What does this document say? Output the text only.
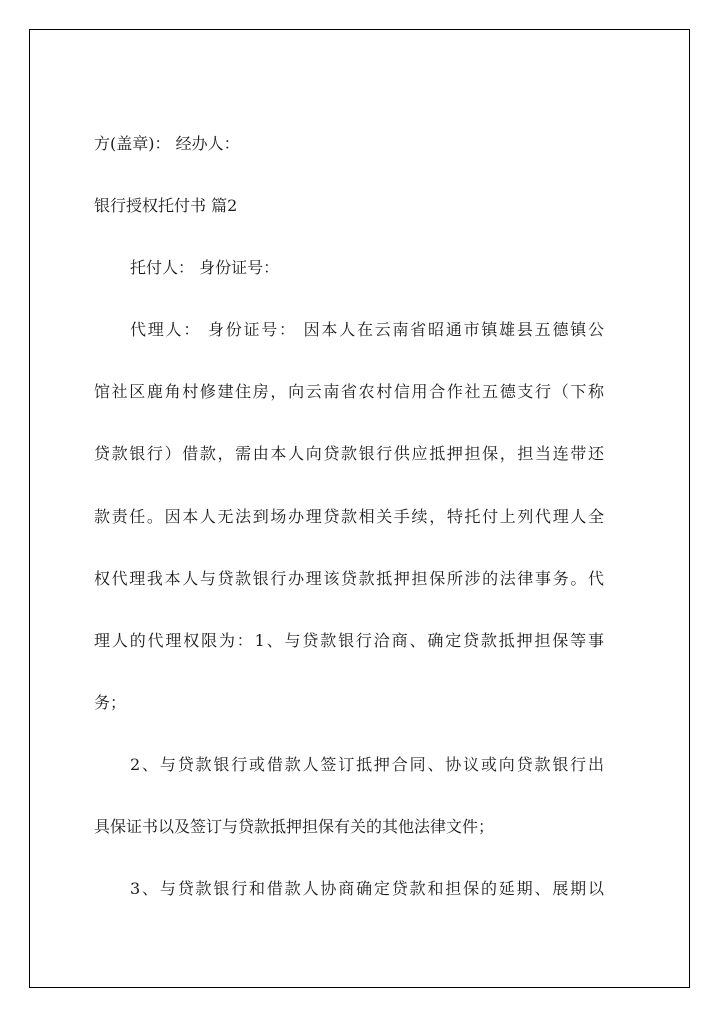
方(盖章)： 经办人：
银行授权托付书 篇2
托付人： 身份证号：
代理人： 身份证号： 因本人在云南省昭通市镇雄县五德镇公
馆社区鹿角村修建住房，向云南省农村信用合作社五德支行（下称
贷款银行）借款，需由本人向贷款银行供应抵押担保，担当连带还
款责任。因本人无法到场办理贷款相关手续，特托付上列代理人全
权代理我本人与贷款银行办理该贷款抵押担保所涉的法律事务。代
理人的代理权限为：1、与贷款银行洽商、确定贷款抵押担保等事
务；
2、与贷款银行或借款人签订抵押合同、协议或向贷款银行出
具保证书以及签订与贷款抵押担保有关的其他法律文件；
3、与贷款银行和借款人协商确定贷款和担保的延期、展期以
